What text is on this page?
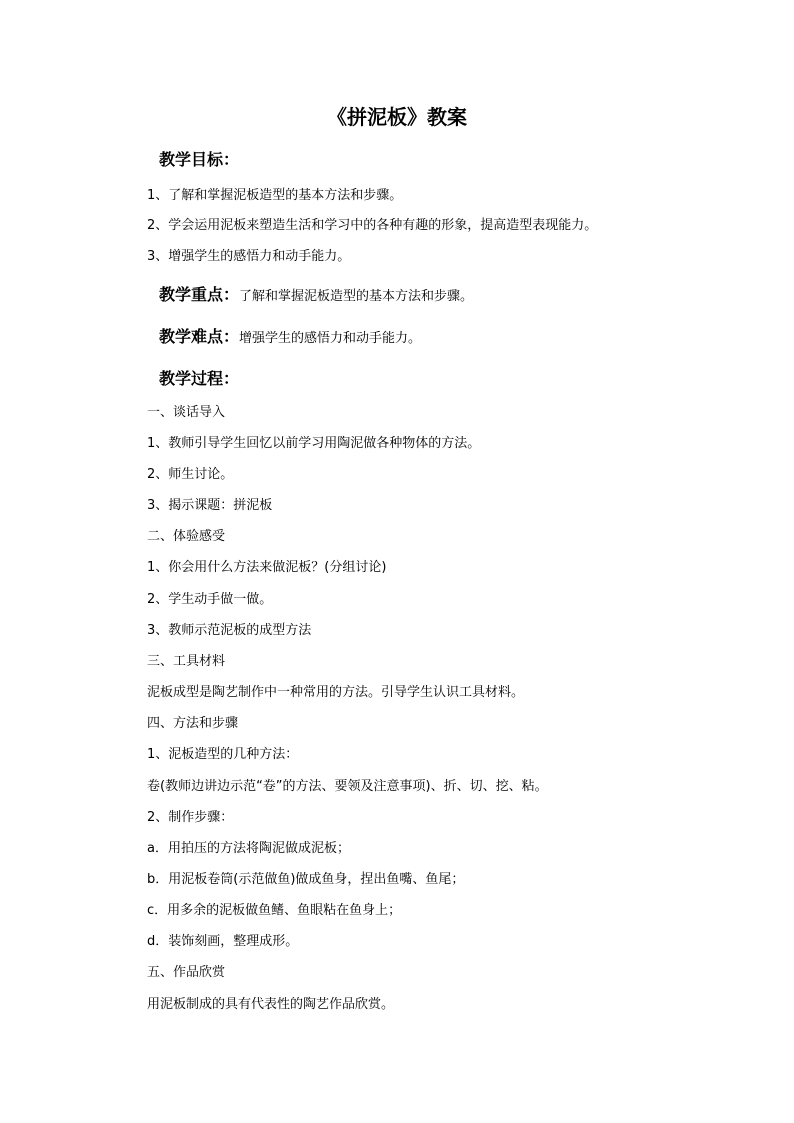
《拼泥板》教案
教学目标：
1、了解和掌握泥板造型的基本方法和步骤。
2、学会运用泥板来塑造生活和学习中的各种有趣的形象，提高造型表现能力。
3、增强学生的感悟力和动手能力。
教学重点：了解和掌握泥板造型的基本方法和步骤。
教学难点：增强学生的感悟力和动手能力。
教学过程：
一、谈话导入
1、教师引导学生回忆以前学习用陶泥做各种物体的方法。
2、师生讨论。
3、揭示课题：拼泥板
二、体验感受
1、你会用什么方法来做泥板？(分组讨论)
2、学生动手做一做。
3、教师示范泥板的成型方法
三、工具材料
泥板成型是陶艺制作中一种常用的方法。引导学生认识工具材料。
四、方法和步骤
1、泥板造型的几种方法：
卷(教师边讲边示范“卷”的方法、要领及注意事项)、折、切、挖、粘。
2、制作步骤：
a．用拍压的方法将陶泥做成泥板；
b．用泥板卷筒(示范做鱼)做成鱼身，捏出鱼嘴、鱼尾；
c．用多余的泥板做鱼鳍、鱼眼粘在鱼身上；
d．装饰刻画，整理成形。
五、作品欣赏
用泥板制成的具有代表性的陶艺作品欣赏。
